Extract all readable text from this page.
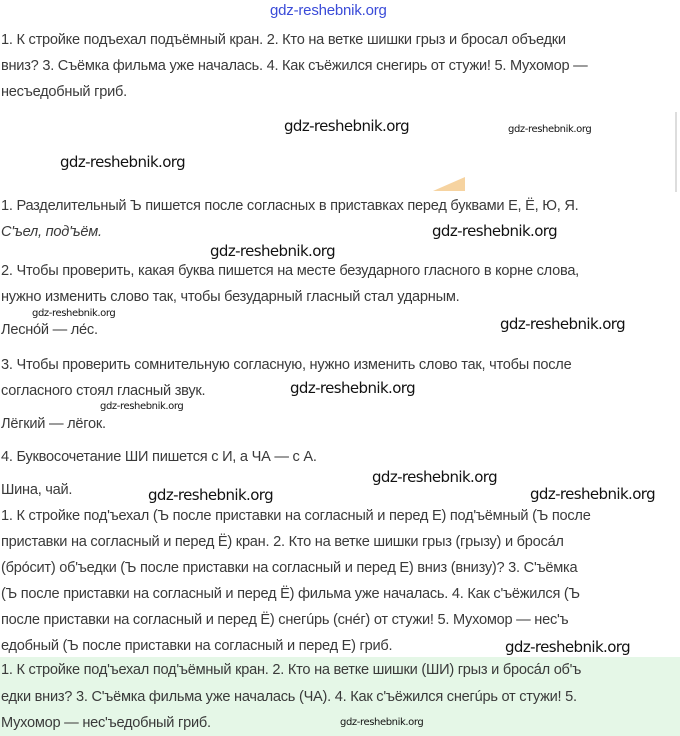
gdz-reshebnik.org
1. К стройке подъехал подъёмный кран. 2. Кто на ветке шишки грыз и бросал объедки
вниз? 3. Съёмка фильма уже началась. 4. Как съёжился снегирь от стужи! 5. Мухомор —
несъедобный гриб.
gdz-reshebnik.org	gdz-reshebnik.org
gdz-reshebnik.org
1. Разделительный Ъ пишется после согласных в приставках перед буквами Е, Ё, Ю, Я.
С'ъел, под'ъём.	gdz-reshebnik.org
gdz-reshebnik.org
2. Чтобы проверить, какая буква пишется на месте безударного гласного в корне слова,
нужно изменить слово так, чтобы безударный гласный стал ударным.
gdz-reshebnik.org
gdz-reshebnik.org
Лесно́й — ле́с.
3. Чтобы проверить сомнительную согласную, нужно изменить слово так, чтобы после
согласного стоял гласный звук.	gdz-reshebnik.org
gdz-reshebnik.org
Лёгкий — лёгок.
4. Буквосочетание ШИ пишется с И, а ЧА — с А.
gdz-reshebnik.org
Шина, чай.	gdz-reshebnik.org	gdz-reshebnik.org
1. К стройке под'ъехал (Ъ после приставки на согласный и перед Е) под'ъёмный (Ъ после
приставки на согласный и перед Ё) кран. 2. Кто на ветке шишки грыз (грызу) и бросáл
(бро́сит) об'ъедки (Ъ после приставки на согласный и перед Е) вниз (внизу)? 3. С'ъёмка
(Ъ после приставки на согласный и перед Ё) фильма уже началась. 4. Как с'ъёжился (Ъ
после приставки на согласный и перед Ё) снегúрь (сне́г) от стужи! 5. Мухомор — нес'ъ
едобный (Ъ после приставки на согласный и перед Е) гриб.	gdz-reshebnik.org
1. К стройке под'ъехал под'ъёмный кран. 2. Кто на ветке шишки (ШИ) грыз и бросáл об'ъ
едки вниз? 3. С'ъёмка фильма уже началась (ЧА). 4. Как с'ъёжился снегúрь от стужи! 5.
Мухомор — нес'ъедобный гриб.	gdz-reshebnik.org
